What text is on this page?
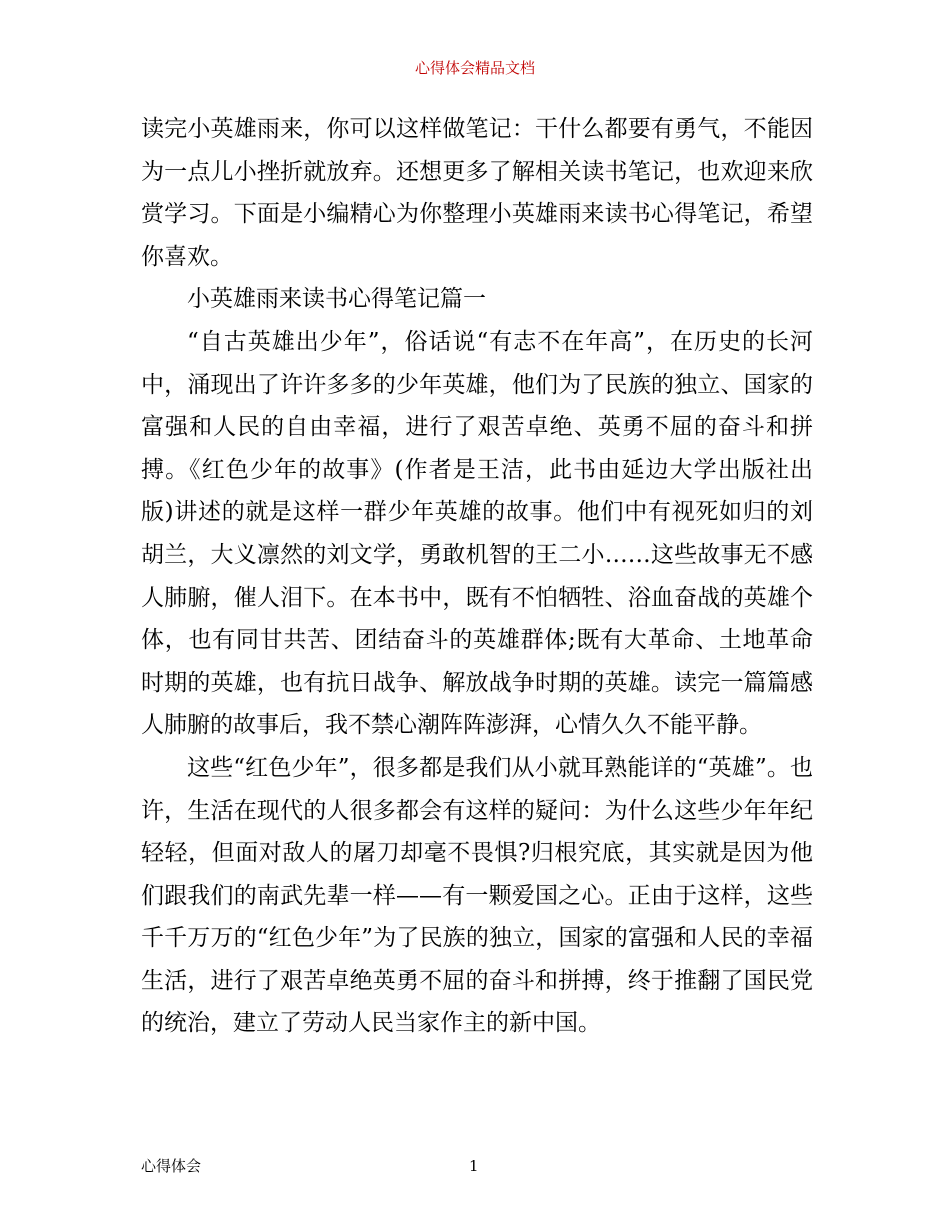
心得体会精品文档

读完小英雄雨来，你可以这样做笔记：干什么都要有勇气，不能因为一点儿小挫折就放弃。还想更多了解相关读书笔记，也欢迎来欣赏学习。下面是小编精心为你整理小英雄雨来读书心得笔记，希望你喜欢。

小英雄雨来读书心得笔记篇一

“自古英雄出少年”，俗话说“有志不在年高”，在历史的长河中，涌现出了许许多多的少年英雄，他们为了民族的独立、国家的富强和人民的自由幸福，进行了艰苦卓绝、英勇不屈的奋斗和拼搏。《红色少年的故事》(作者是王洁，此书由延边大学出版社出版)讲述的就是这样一群少年英雄的故事。他们中有视死如归的刘胡兰，大义凛然的刘文学，勇敢机智的王二小……这些故事无不感人肺腑，催人泪下。在本书中，既有不怕牺牲、浴血奋战的英雄个体，也有同甘共苦、团结奋斗的英雄群体;既有大革命、土地革命时期的英雄，也有抗日战争、解放战争时期的英雄。读完一篇篇感人肺腑的故事后，我不禁心潮阵阵澎湃，心情久久不能平静。

这些“红色少年”，很多都是我们从小就耳熟能详的“英雄”。也许，生活在现代的人很多都会有这样的疑问：为什么这些少年年纪轻轻，但面对敌人的屠刀却毫不畏惧?归根究底，其实就是因为他们跟我们的南武先辈一样——有一颗爱国之心。正由于这样，这些千千万万的“红色少年”为了民族的独立，国家的富强和人民的幸福生活，进行了艰苦卓绝英勇不屈的奋斗和拼搏，终于推翻了国民党的统治，建立了劳动人民当家作主的新中国。

心得体会	1
